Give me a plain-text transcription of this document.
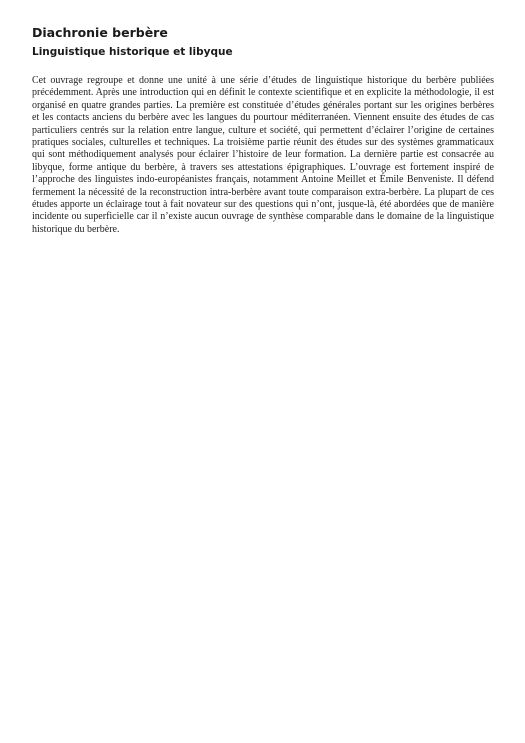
Diachronie berbère
Linguistique historique et libyque

Cet ouvrage regroupe et donne une unité à une série d’études de linguistique historique du berbère publiées précédemment. Après une introduction qui en définit le contexte scientifique et en explicite la méthodologie, il est organisé en quatre grandes parties. La première est constituée d’études générales portant sur les origines berbères et les contacts anciens du berbère avec les langues du pourtour méditerranéen. Viennent ensuite des études de cas particuliers centrés sur la relation entre langue, culture et société, qui permettent d’éclairer l’origine de certaines pratiques sociales, culturelles et techniques. La troisième partie réunit des études sur des systèmes grammaticaux qui sont méthodiquement analysés pour éclairer l’histoire de leur formation. La dernière partie est consacrée au libyque, forme antique du berbère, à travers ses attestations épigraphiques. L’ouvrage est fortement inspiré de l’approche des linguistes indo-européanistes français, notamment Antoine Meillet et Émile Benveniste. Il défend fermement la nécessité de la reconstruction intra-berbère avant toute comparaison extra-berbère. La plupart de ces études apporte un éclairage tout à fait novateur sur des questions qui n’ont, jusque-là, été abordées que de manière incidente ou superficielle car il n’existe aucun ouvrage de synthèse comparable dans le domaine de la linguistique historique du berbère.
